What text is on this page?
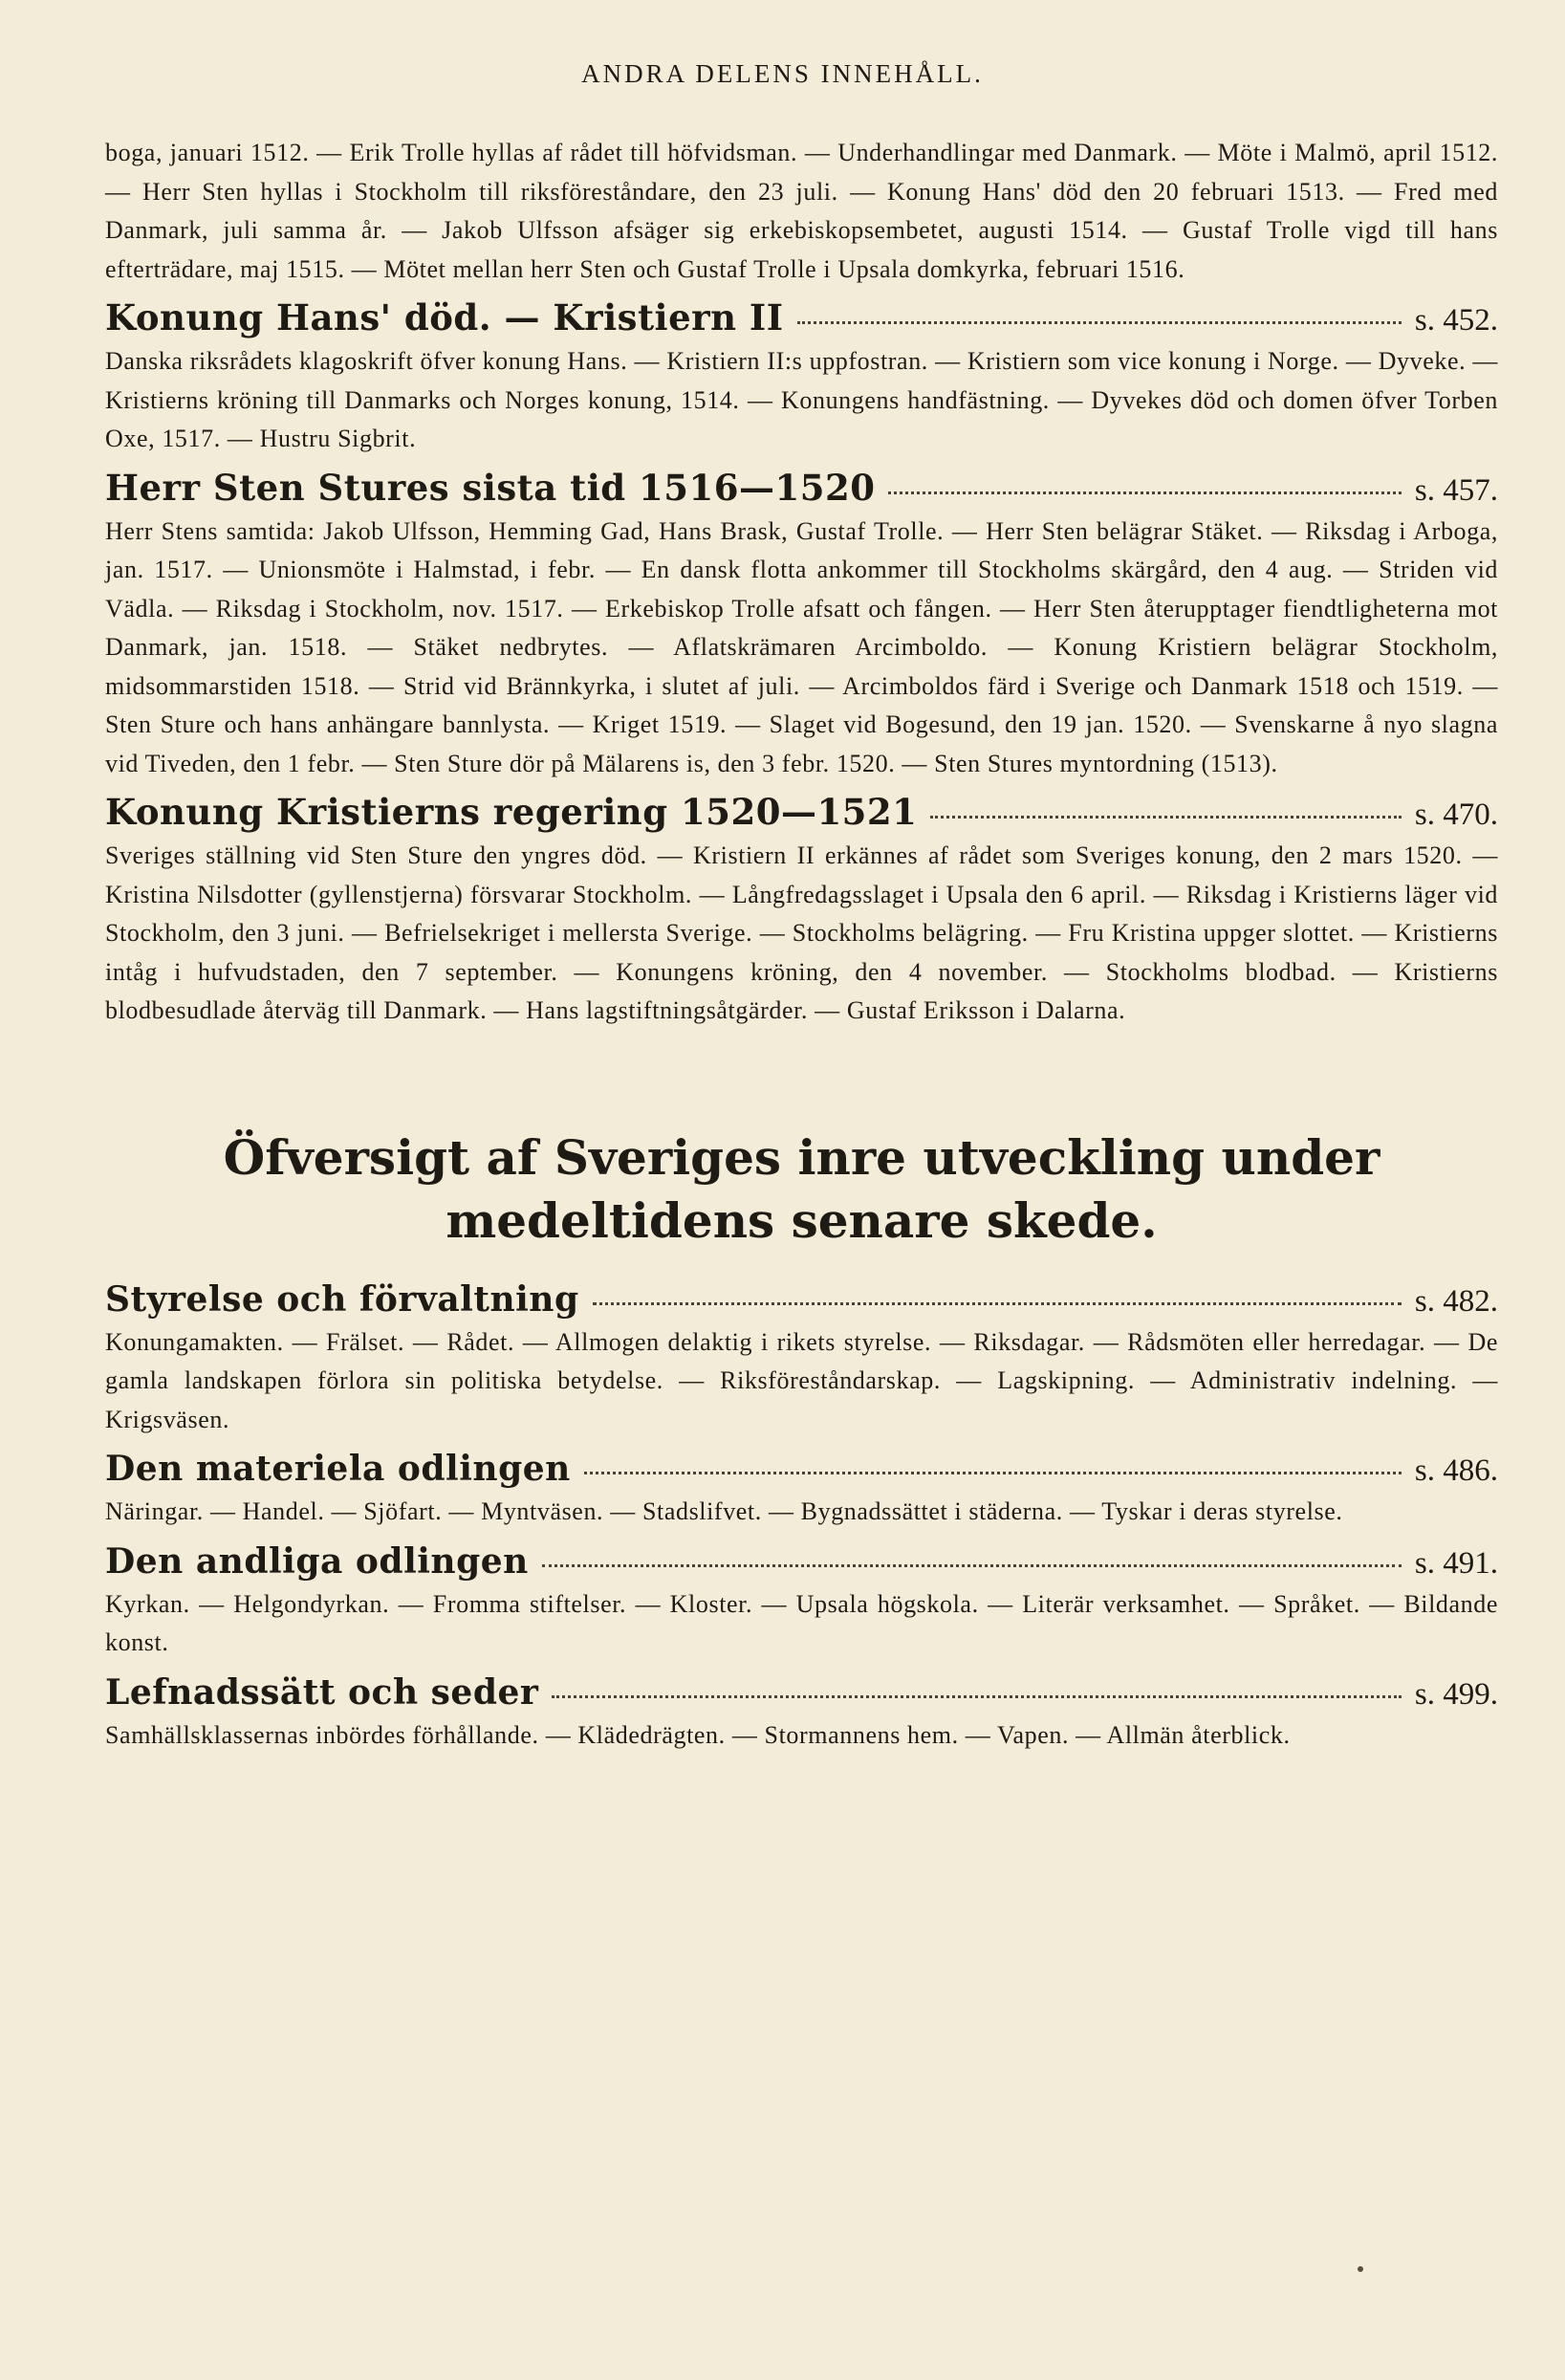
ANDRA DELENS INNEHÅLL.

boga, januari 1512. — Erik Trolle hyllas af rådet till höfvidsman. — Underhandlingar med Danmark. — Möte i Malmö, april 1512. — Herr Sten hyllas i Stockholm till riksföreståndare, den 23 juli. — Konung Hans' död den 20 februari 1513. — Fred med Danmark, juli samma år. — Jakob Ulfsson afsäger sig erkebiskopsembetet, augusti 1514. — Gustaf Trolle vigd till hans efterträdare, maj 1515. — Mötet mellan herr Sten och Gustaf Trolle i Upsala domkyrka, februari 1516.

Konung Hans' död. — Kristiern II	s. 452.

Danska riksrådets klagoskrift öfver konung Hans. — Kristiern II:s uppfostran. — Kristiern som vice konung i Norge. — Dyveke. — Kristierns kröning till Danmarks och Norges konung, 1514. — Konungens handfästning. — Dyvekes död och domen öfver Torben Oxe, 1517. — Hustru Sigbrit.

Herr Sten Stures sista tid 1516—1520	s. 457.

Herr Stens samtida: Jakob Ulfsson, Hemming Gad, Hans Brask, Gustaf Trolle. — Herr Sten belägrar Stäket. — Riksdag i Arboga, jan. 1517. — Unionsmöte i Halmstad, i febr. — En dansk flotta ankommer till Stockholms skärgård, den 4 aug. — Striden vid Vädla. — Riksdag i Stockholm, nov. 1517. — Erkebiskop Trolle afsatt och fången. — Herr Sten återupptager fiendtligheterna mot Danmark, jan. 1518. — Stäket nedbrytes. — Aflatskrämaren Arcimboldo. — Konung Kristiern belägrar Stockholm, midsommarstiden 1518. — Strid vid Brännkyrka, i slutet af juli. — Arcimboldos färd i Sverige och Danmark 1518 och 1519. — Sten Sture och hans anhängare bannlysta. — Kriget 1519. — Slaget vid Bogesund, den 19 jan. 1520. — Svenskarne å nyo slagna vid Tiveden, den 1 febr. — Sten Sture dör på Mälarens is, den 3 febr. 1520. — Sten Stures myntordning (1513).

Konung Kristierns regering 1520—1521	s. 470.

Sveriges ställning vid Sten Sture den yngres död. — Kristiern II erkännes af rådet som Sveriges konung, den 2 mars 1520. — Kristina Nilsdotter (gyllenstjerna) försvarar Stockholm. — Långfredagsslaget i Upsala den 6 april. — Riksdag i Kristierns läger vid Stockholm, den 3 juni. — Befrielsekriget i mellersta Sverige. — Stockholms belägring. — Fru Kristina uppger slottet. — Kristierns intåg i hufvudstaden, den 7 september. — Konungens kröning, den 4 november. — Stockholms blodbad. — Kristierns blodbesudlade återväg till Danmark. — Hans lagstiftningsåtgärder. — Gustaf Eriksson i Dalarna.

Öfversigt af Sveriges inre utveckling under medeltidens senare skede.
Styrelse och förvaltning	s. 482.

Konungamakten. — Frälset. — Rådet. — Allmogen delaktig i rikets styrelse. — Riksdagar. — Rådsmöten eller herredagar. — De gamla landskapen förlora sin politiska betydelse. — Riksföreståndarskap. — Lagskipning. — Administrativ indelning. — Krigsväsen.

Den materiela odlingen	s. 486.

Näringar. — Handel. — Sjöfart. — Myntväsen. — Stadslifvet. — Bygnadssättet i städerna. — Tyskar i deras styrelse.

Den andliga odlingen	s. 491.

Kyrkan. — Helgondyrkan. — Fromma stiftelser. — Kloster. — Upsala högskola. — Literär verksamhet. — Språket. — Bildande konst.

Lefnadssätt och seder	s. 499.

Samhällsklassernas inbördes förhållande. — Klädedrägten. — Stormannens hem. — Vapen. — Allmän återblick.
